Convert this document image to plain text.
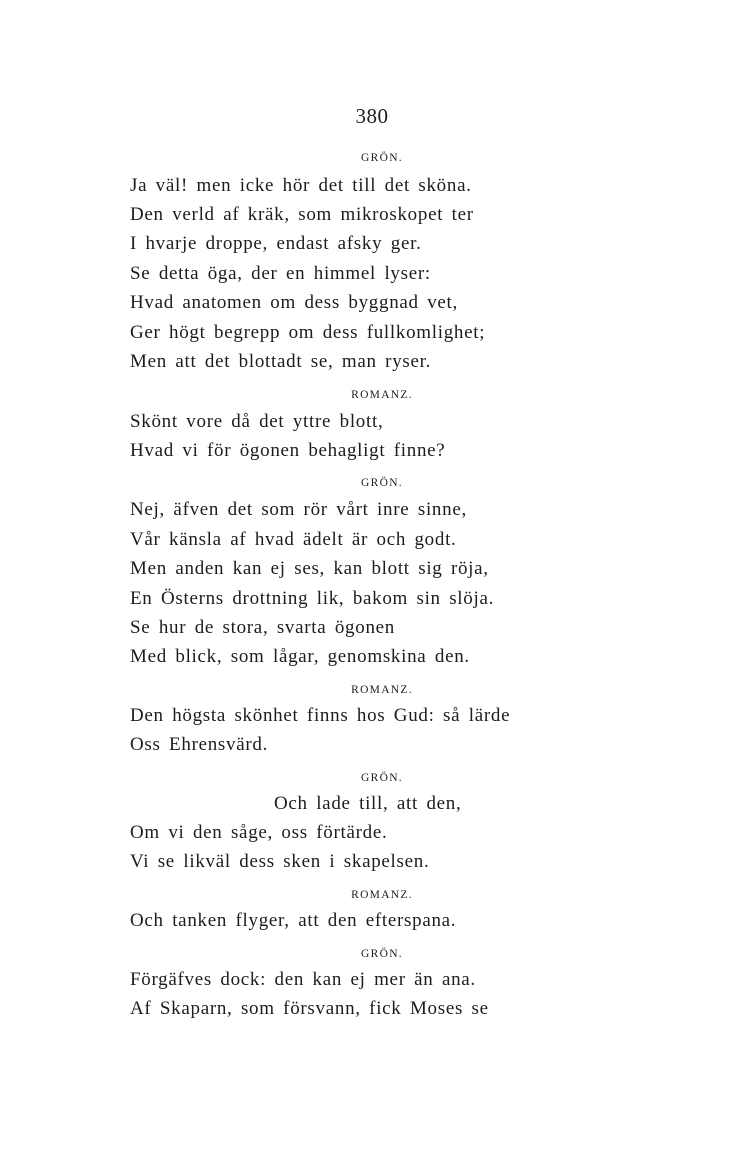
380
GRÖN.
Ja väl! men icke hör det till det sköna.
Den verld af kräk, som mikroskopet ter
I hvarje droppe, endast afsky ger.
Se detta öga, der en himmel lyser:
Hvad anatomen om dess byggnad vet,
Ger högt begrepp om dess fullkomlighet;
Men att det blottadt se, man ryser.
ROMANZ.
Skönt vore då det yttre blott,
Hvad vi för ögonen behagligt finne?
GRÖN.
Nej, äfven det som rör vårt inre sinne,
Vår känsla af hvad ädelt är och godt.
Men anden kan ej ses, kan blott sig röja,
En Österns drottning lik, bakom sin slöja.
Se hur de stora, svarta ögonen
Med blick, som lågar, genomskina den.
ROMANZ.
Den högsta skönhet finns hos Gud: så lärde
Oss Ehrensvärd.
GRÖN.
Och lade till, att den,
Om vi den såge, oss förtärde.
Vi se likväl dess sken i skapelsen.
ROMANZ.
Och tanken flyger, att den efterspana.
GRÖN.
Förgäfves dock: den kan ej mer än ana.
Af Skaparn, som försvann, fick Moses se
